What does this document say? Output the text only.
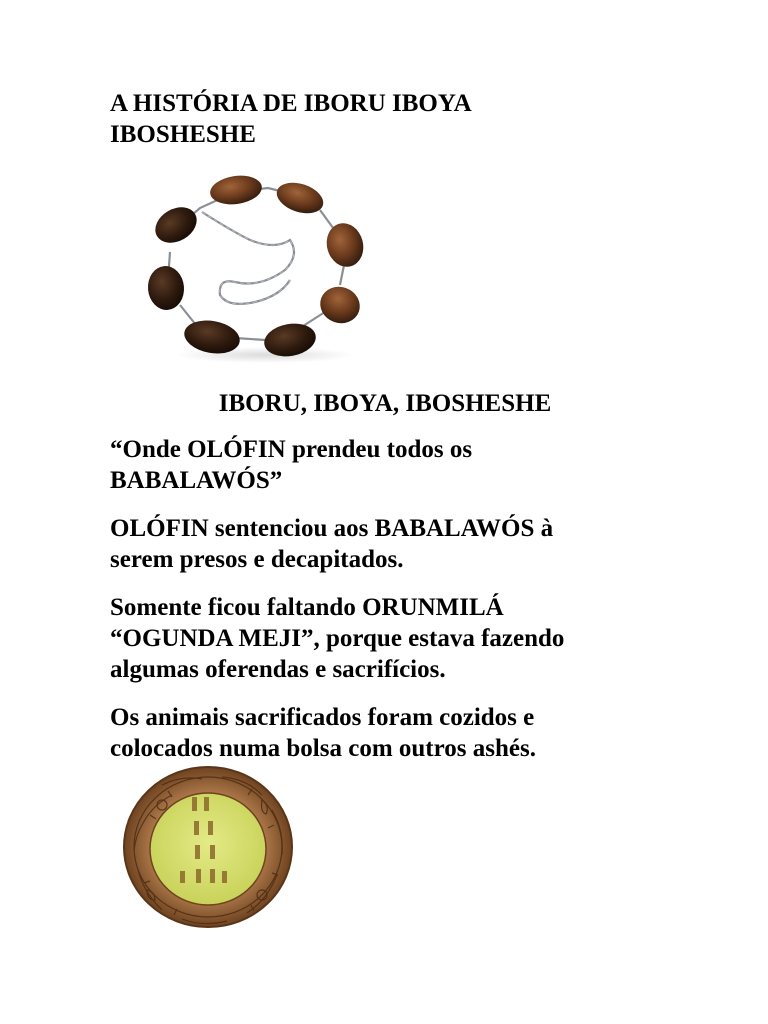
A HISTÓRIA DE IBORU IBOYA
IBOSHESHE
IBORU, IBOYA, IBOSHESHE
“Onde OLÓFIN prendeu todos os
BABALAWÓS”
OLÓFIN sentenciou aos BABALAWÓS à
serem presos e decapitados.
Somente ficou faltando ORUNMILÁ
“OGUNDA MEJI”, porque estava fazendo
algumas oferendas e sacrifícios.
Os animais sacrificados foram cozidos e
colocados numa bolsa com outros ashés.
